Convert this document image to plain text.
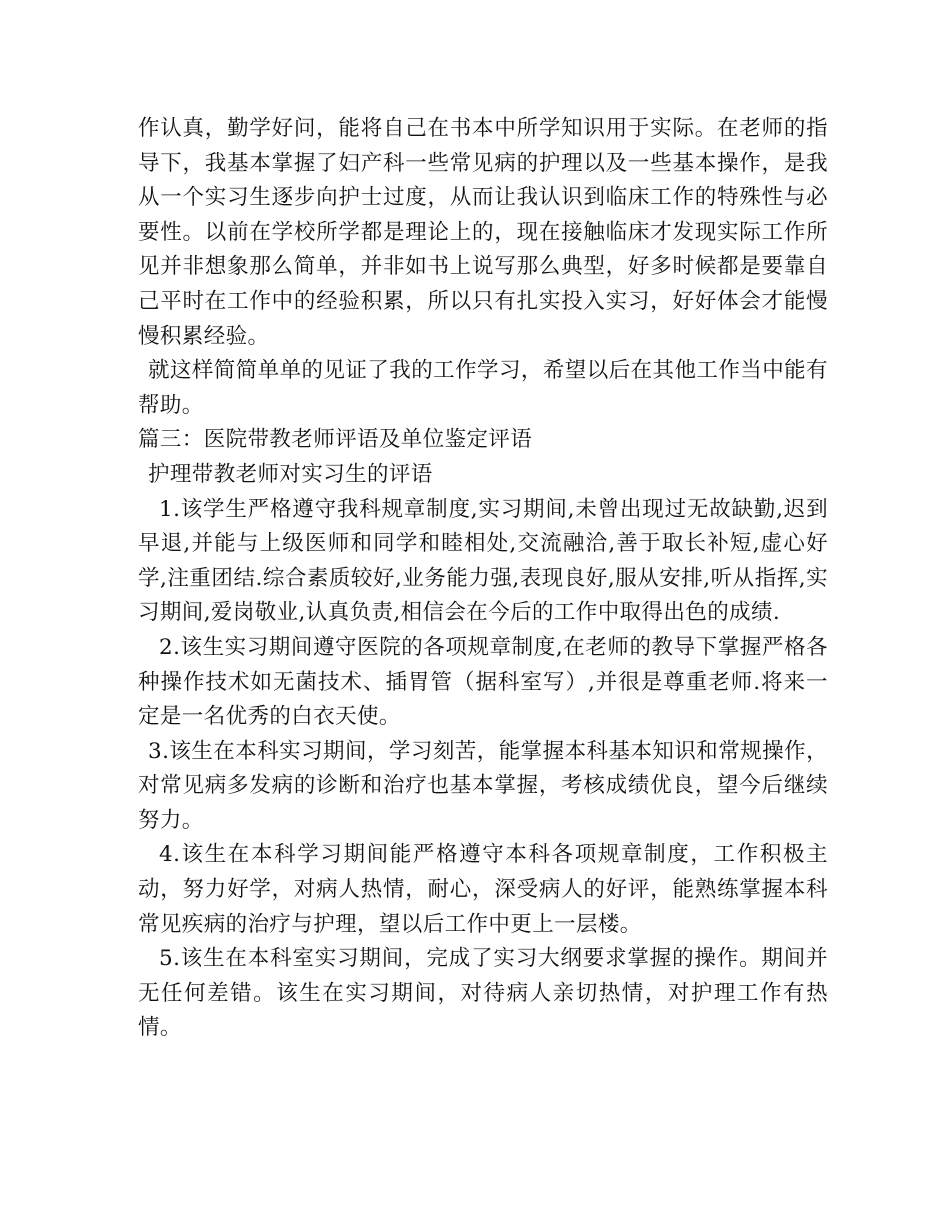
作认真，勤学好问，能将自己在书本中所学知识用于实际。在老师的指导下，我基本掌握了妇产科一些常见病的护理以及一些基本操作，是我从一个实习生逐步向护士过度，从而让我认识到临床工作的特殊性与必要性。以前在学校所学都是理论上的，现在接触临床才发现实际工作所见并非想象那么简单，并非如书上说写那么典型，好多时候都是要靠自己平时在工作中的经验积累，所以只有扎实投入实习，好好体会才能慢慢积累经验。

就这样简简单单的见证了我的工作学习，希望以后在其他工作当中能有帮助。

篇三：医院带教老师评语及单位鉴定评语

护理带教老师对实习生的评语

1.该学生严格遵守我科规章制度,实习期间,未曾出现过无故缺勤,迟到早退,并能与上级医师和同学和睦相处,交流融洽,善于取长补短,虚心好学,注重团结.综合素质较好,业务能力强,表现良好,服从安排,听从指挥,实习期间,爱岗敬业,认真负责,相信会在今后的工作中取得出色的成绩.

2.该生实习期间遵守医院的各项规章制度,在老师的教导下掌握严格各种操作技术如无菌技术、插胃管（据科室写）,并很是尊重老师.将来一定是一名优秀的白衣天使。

3.该生在本科实习期间，学习刻苦，能掌握本科基本知识和常规操作，对常见病多发病的诊断和治疗也基本掌握，考核成绩优良，望今后继续努力。

4.该生在本科学习期间能严格遵守本科各项规章制度，工作积极主动，努力好学，对病人热情，耐心，深受病人的好评，能熟练掌握本科常见疾病的治疗与护理，望以后工作中更上一层楼。

5.该生在本科室实习期间，完成了实习大纲要求掌握的操作。期间并无任何差错。该生在实习期间，对待病人亲切热情，对护理工作有热情。
